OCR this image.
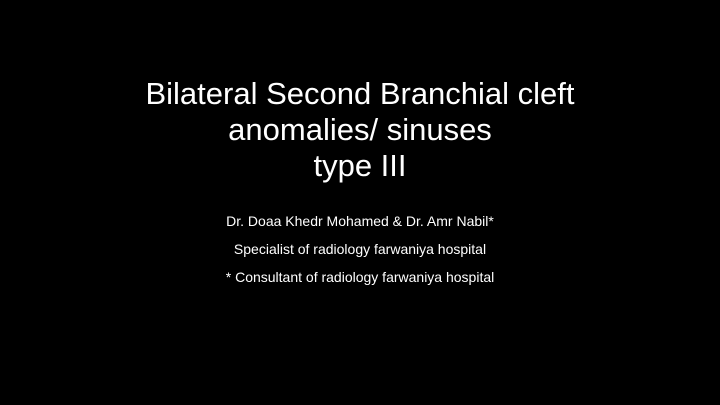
Bilateral Second Branchial cleft
anomalies/ sinuses
type III
Dr. Doaa Khedr Mohamed & Dr. Amr Nabil*
Specialist of radiology farwaniya hospital
* Consultant of radiology farwaniya hospital
